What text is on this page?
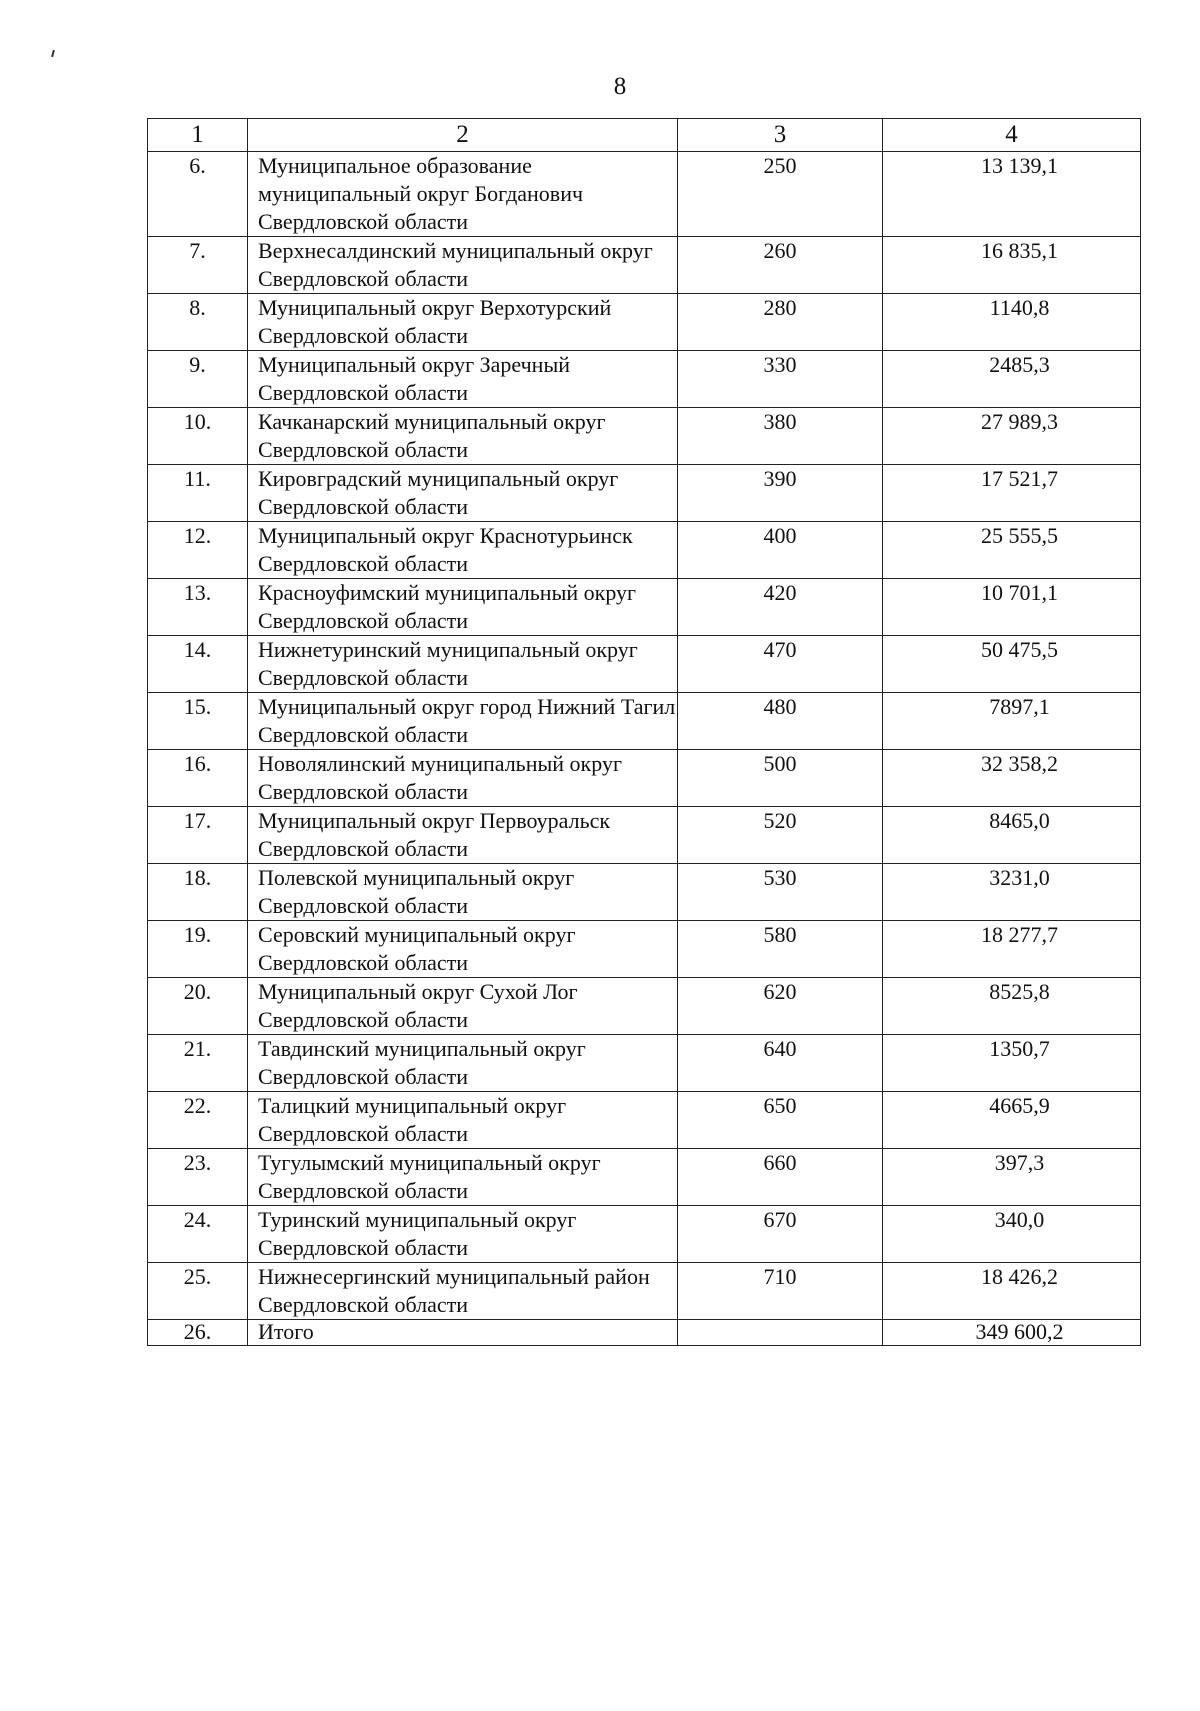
8
1	2	3	4
6.	Муниципальное образование муниципальный округ Богданович Свердловской области	250	13 139,1
7.	Верхнесалдинский муниципальный округ Свердловской области	260	16 835,1
8.	Муниципальный округ Верхотурский Свердловской области	280	1140,8
9.	Муниципальный округ Заречный Свердловской области	330	2485,3
10.	Качканарский муниципальный округ Свердловской области	380	27 989,3
11.	Кировградский муниципальный округ Свердловской области	390	17 521,7
12.	Муниципальный округ Краснотурьинск Свердловской области	400	25 555,5
13.	Красноуфимский муниципальный округ Свердловской области	420	10 701,1
14.	Нижнетуринский муниципальный округ Свердловской области	470	50 475,5
15.	Муниципальный округ город Нижний Тагил Свердловской области	480	7897,1
16.	Новолялинский муниципальный округ Свердловской области	500	32 358,2
17.	Муниципальный округ Первоуральск Свердловской области	520	8465,0
18.	Полевской муниципальный округ Свердловской области	530	3231,0
19.	Серовский муниципальный округ Свердловской области	580	18 277,7
20.	Муниципальный округ Сухой Лог Свердловской области	620	8525,8
21.	Тавдинский муниципальный округ Свердловской области	640	1350,7
22.	Талицкий муниципальный округ Свердловской области	650	4665,9
23.	Тугулымский муниципальный округ Свердловской области	660	397,3
24.	Туринский муниципальный округ Свердловской области	670	340,0
25.	Нижнесергинский муниципальный район Свердловской области	710	18 426,2
26.	Итого		349 600,2
